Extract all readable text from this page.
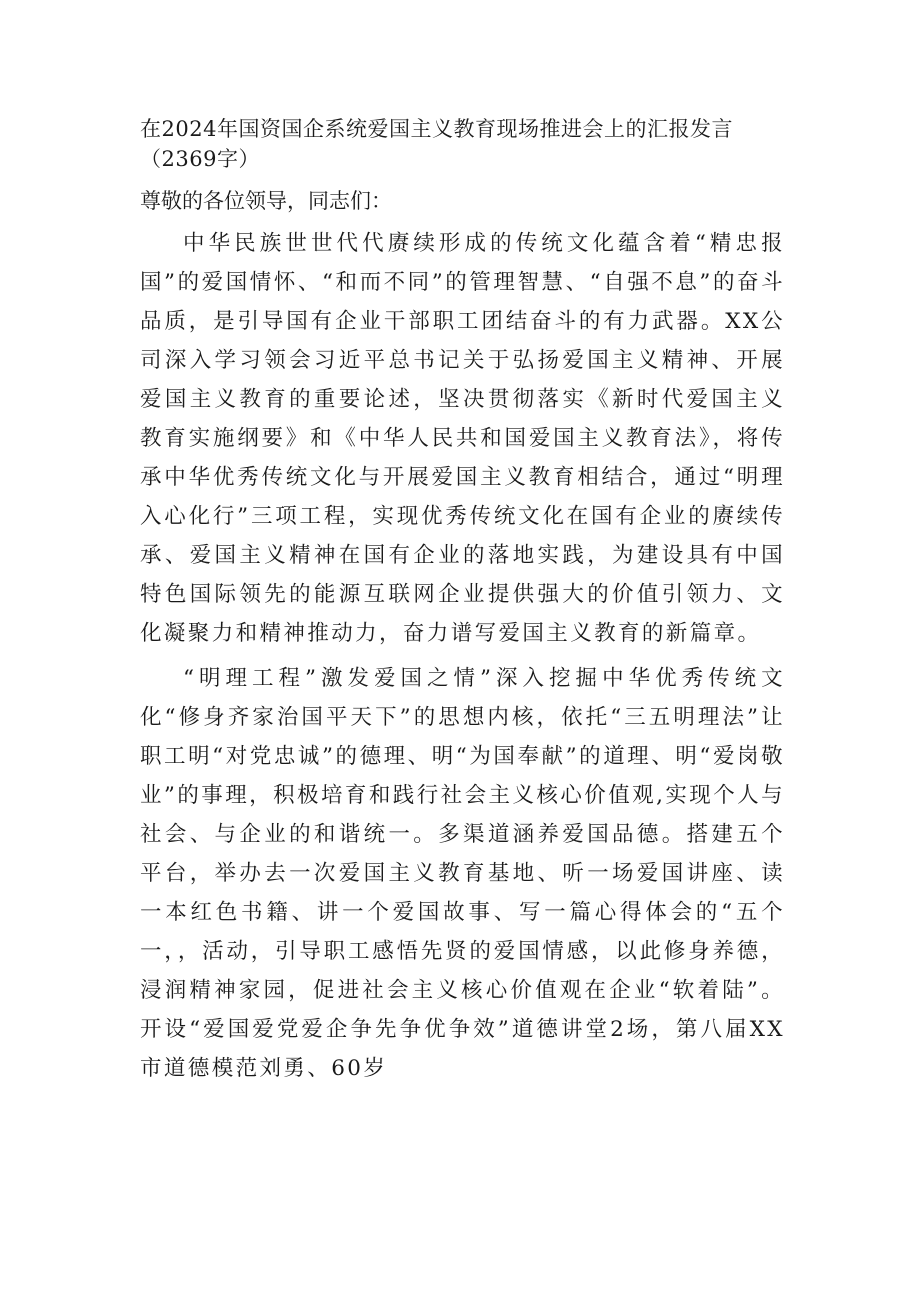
在2024年国资国企系统爱国主义教育现场推进会上的汇报发言（2369字）

尊敬的各位领导，同志们：

中华民族世世代代赓续形成的传统文化蕴含着“精忠报国”的爱国情怀、“和而不同”的管理智慧、“自强不息”的奋斗品质，是引导国有企业干部职工团结奋斗的有力武器。XX公司深入学习领会习近平总书记关于弘扬爱国主义精神、开展爱国主义教育的重要论述，坚决贯彻落实《新时代爱国主义教育实施纲要》和《中华人民共和国爱国主义教育法》，将传承中华优秀传统文化与开展爱国主义教育相结合，通过“明理入心化行”三项工程，实现优秀传统文化在国有企业的赓续传承、爱国主义精神在国有企业的落地实践，为建设具有中国特色国际领先的能源互联网企业提供强大的价值引领力、文化凝聚力和精神推动力，奋力谱写爱国主义教育的新篇章。

“明理工程”激发爱国之情”深入挖掘中华优秀传统文化“修身齐家治国平天下”的思想内核，依托“三五明理法”让职工明“对党忠诚”的德理、明“为国奉献”的道理、明“爱岗敬业”的事理，积极培育和践行社会主义核心价值观,实现个人与社会、与企业的和谐统一。多渠道涵养爱国品德。搭建五个平台，举办去一次爱国主义教育基地、听一场爱国讲座、读一本红色书籍、讲一个爱国故事、写一篇心得体会的“五个一，，活动，引导职工感悟先贤的爱国情感，以此修身养德，浸润精神家园，促进社会主义核心价值观在企业“软着陆”。开设“爱国爱党爱企争先争优争效”道德讲堂2场，第八届XX市道德模范刘勇、60岁
